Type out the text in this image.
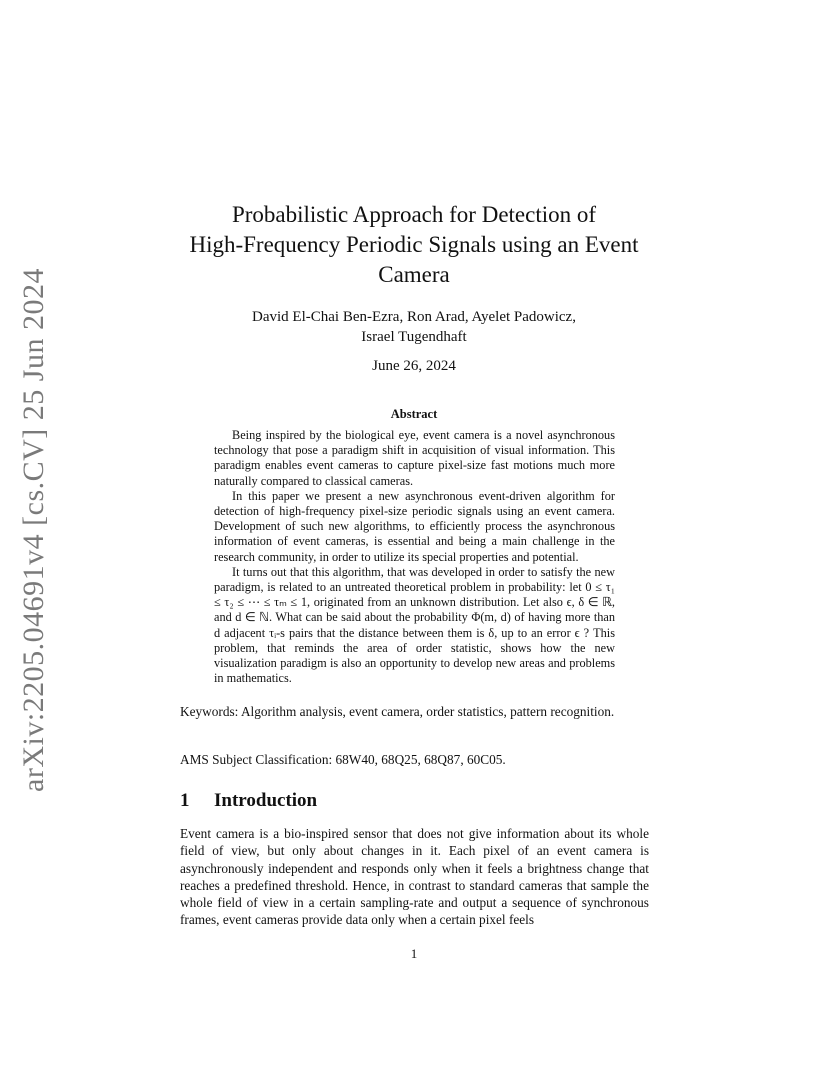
arXiv:2205.04691v4 [cs.CV] 25 Jun 2024
Probabilistic Approach for Detection of
High-Frequency Periodic Signals using an Event
Camera
David El-Chai Ben-Ezra, Ron Arad, Ayelet Padowicz,
Israel Tugendhaft
June 26, 2024
Abstract

Being inspired by the biological eye, event camera is a novel asynchronous technology that pose a paradigm shift in acquisition of visual information. This paradigm enables event cameras to capture pixel-size fast motions much more naturally compared to classical cameras.

In this paper we present a new asynchronous event-driven algorithm for detection of high-frequency pixel-size periodic signals using an event camera. Development of such new algorithms, to efficiently process the asynchronous information of event cameras, is essential and being a main challenge in the research community, in order to utilize its special properties and potential.

It turns out that this algorithm, that was developed in order to satisfy the new paradigm, is related to an untreated theoretical problem in probability: let 0 ≤ τ₁ ≤ τ₂ ≤ ⋯ ≤ τₘ ≤ 1, originated from an unknown distribution. Let also ϵ, δ ∈ ℝ, and d ∈ ℕ. What can be said about the probability Φ(m, d) of having more than d adjacent τᵢ-s pairs that the distance between them is δ, up to an error ϵ ? This problem, that reminds the area of order statistic, shows how the new visualization paradigm is also an opportunity to develop new areas and problems in mathematics.

Keywords: Algorithm analysis, event camera, order statistics, pattern recognition.
AMS Subject Classification: 68W40, 68Q25, 68Q87, 60C05.
1 Introduction

Event camera is a bio-inspired sensor that does not give information about its whole field of view, but only about changes in it. Each pixel of an event camera is asynchronously independent and responds only when it feels a brightness change that reaches a predefined threshold. Hence, in contrast to standard cameras that sample the whole field of view in a certain sampling-rate and output a sequence of synchronous frames, event cameras provide data only when a certain pixel feels

1
